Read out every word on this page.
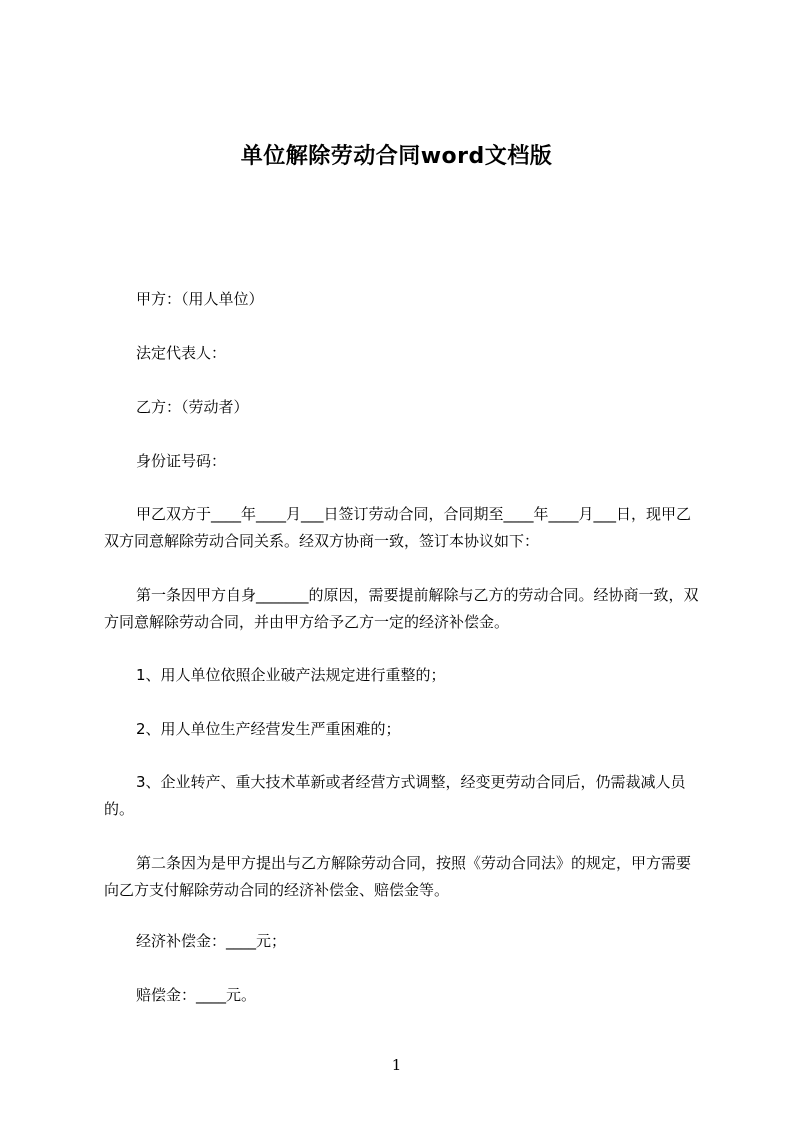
单位解除劳动合同word文档版
甲方：（用人单位）
法定代表人：
乙方：（劳动者）
身份证号码：
甲乙双方于____年____月___日签订劳动合同，合同期至____年____月___日，现甲乙双方同意解除劳动合同关系。经双方协商一致，签订本协议如下：
第一条因甲方自身_______的原因，需要提前解除与乙方的劳动合同。经协商一致，双方同意解除劳动合同，并由甲方给予乙方一定的经济补偿金。
1、用人单位依照企业破产法规定进行重整的；
2、用人单位生产经营发生严重困难的；
3、企业转产、重大技术革新或者经营方式调整，经变更劳动合同后，仍需裁减人员的。
第二条因为是甲方提出与乙方解除劳动合同，按照《劳动合同法》的规定，甲方需要向乙方支付解除劳动合同的经济补偿金、赔偿金等。
经济补偿金：____元；
赔偿金：____元。
1
